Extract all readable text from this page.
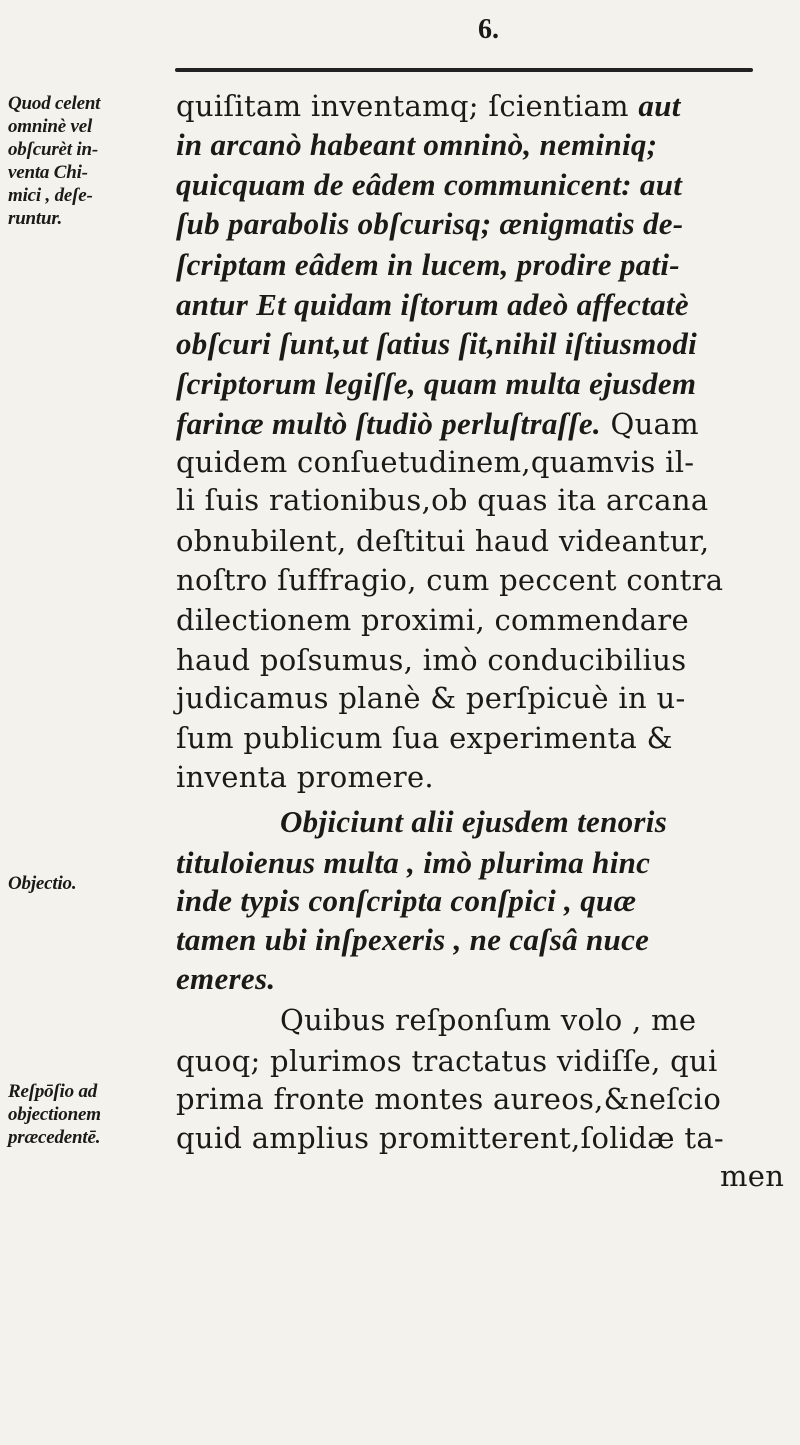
6.
Quod celent
omninè vel
obſcurèt in-
venta Chi-
mici , deſe-
runtur.
Objectio.
Reſpōſio ad
objectionem
præcedentē.
quiſitam inventamq; ſcientiam aut
in arcanò habeant omninò, neminiq;
quicquam de eâdem communicent: aut
ſub parabolis obſcurisq; ænigmatis de-
ſcriptam eâdem in lucem, prodire pati-
antur Et quidam iſtorum adeò affectatè
obſcuri ſunt,ut ſatius ſit,nihil iſtiusmodi
ſcriptorum legiſſe, quam multa ejusdem
farinæ multò ſtudiò perluſtraſſe. Quam
quidem conſuetudinem,quamvis il-
li ſuis rationibus,ob quas ita arcana
obnubilent, deſtitui haud videantur,
noſtro ſuffragio, cum peccent contra
dilectionem proximi, commendare
haud poſsumus, imò conducibilius
judicamus planè & perſpicuè in u-
ſum publicum ſua experimenta &
inventa promere.
Objiciunt alii ejusdem tenoris
tituloienus multa , imò plurima hinc
inde typis conſcripta conſpici , quæ
tamen ubi inſpexeris , ne caſsâ nuce
emeres.
Quibus reſponſum volo , me
quoq; plurimos tractatus vidiſſe, qui
prima fronte montes aureos,&neſcio
quid amplius promitterent,ſolidæ ta-
men
